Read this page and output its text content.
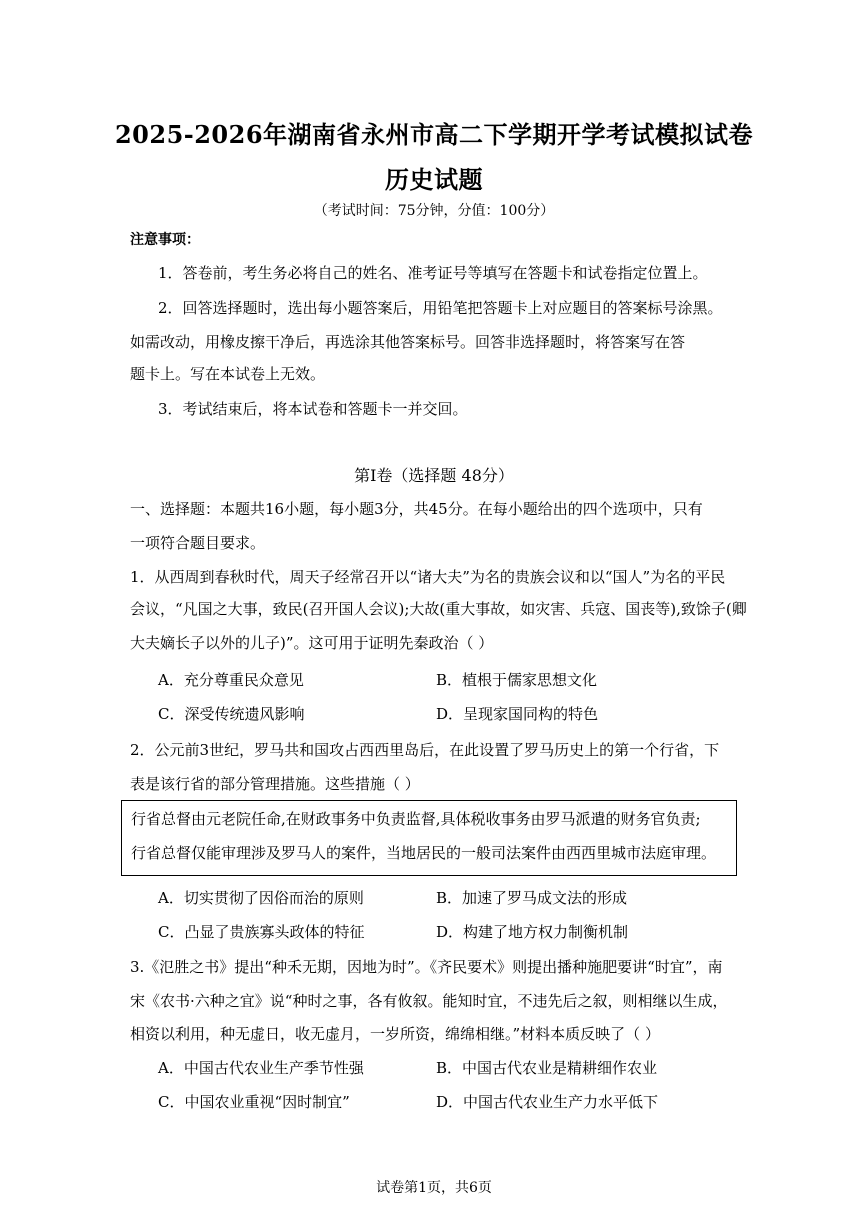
2025-2026年湖南省永州市高二下学期开学考试模拟试卷
历史试题
（考试时间：75分钟，分值：100分）
注意事项：
1．答卷前，考生务必将自己的姓名、准考证号等填写在答题卡和试卷指定位置上。
2．回答选择题时，选出每小题答案后，用铅笔把答题卡上对应题目的答案标号涂黑。
如需改动，用橡皮擦干净后，再选涂其他答案标号。回答非选择题时，将答案写在答
题卡上。写在本试卷上无效。
3．考试结束后，将本试卷和答题卡一并交回。
第Ⅰ卷（选择题 48分）
一、选择题：本题共16小题，每小题3分，共45分。在每小题给出的四个选项中，只有
一项符合题目要求。
1．从西周到春秋时代，周天子经常召开以“诸大夫”为名的贵族会议和以“国人”为名的平民
会议，“凡国之大事，致民(召开国人会议);大故(重大事故，如灾害、兵寇、国丧等),致馀子(卿
大夫嫡长子以外的儿子)”。这可用于证明先秦政治（ ）
A．充分尊重民众意见	B．植根于儒家思想文化
C．深受传统遗风影响	D．呈现家国同构的特色
2．公元前3世纪，罗马共和国攻占西西里岛后，在此设置了罗马历史上的第一个行省，下
表是该行省的部分管理措施。这些措施（ ）
行省总督由元老院任命,在财政事务中负责监督,具体税收事务由罗马派遣的财务官负责;
行省总督仅能审理涉及罗马人的案件，当地居民的一般司法案件由西西里城市法庭审理。
A．切实贯彻了因俗而治的原则	B．加速了罗马成文法的形成
C．凸显了贵族寡头政体的特征	D．构建了地方权力制衡机制
3.《氾胜之书》提出“种禾无期，因地为时”。《齐民要术》则提出播种施肥要讲“时宜”，南
宋《农书·六种之宜》说“种时之事，各有攸叙。能知时宜，不违先后之叙，则相继以生成，
相资以利用，种无虚日，收无虚月，一岁所资，绵绵相继。”材料本质反映了（ ）
A．中国古代农业生产季节性强	B．中国古代农业是精耕细作农业
C．中国农业重视“因时制宜”	D．中国古代农业生产力水平低下
试卷第1页，共6页
